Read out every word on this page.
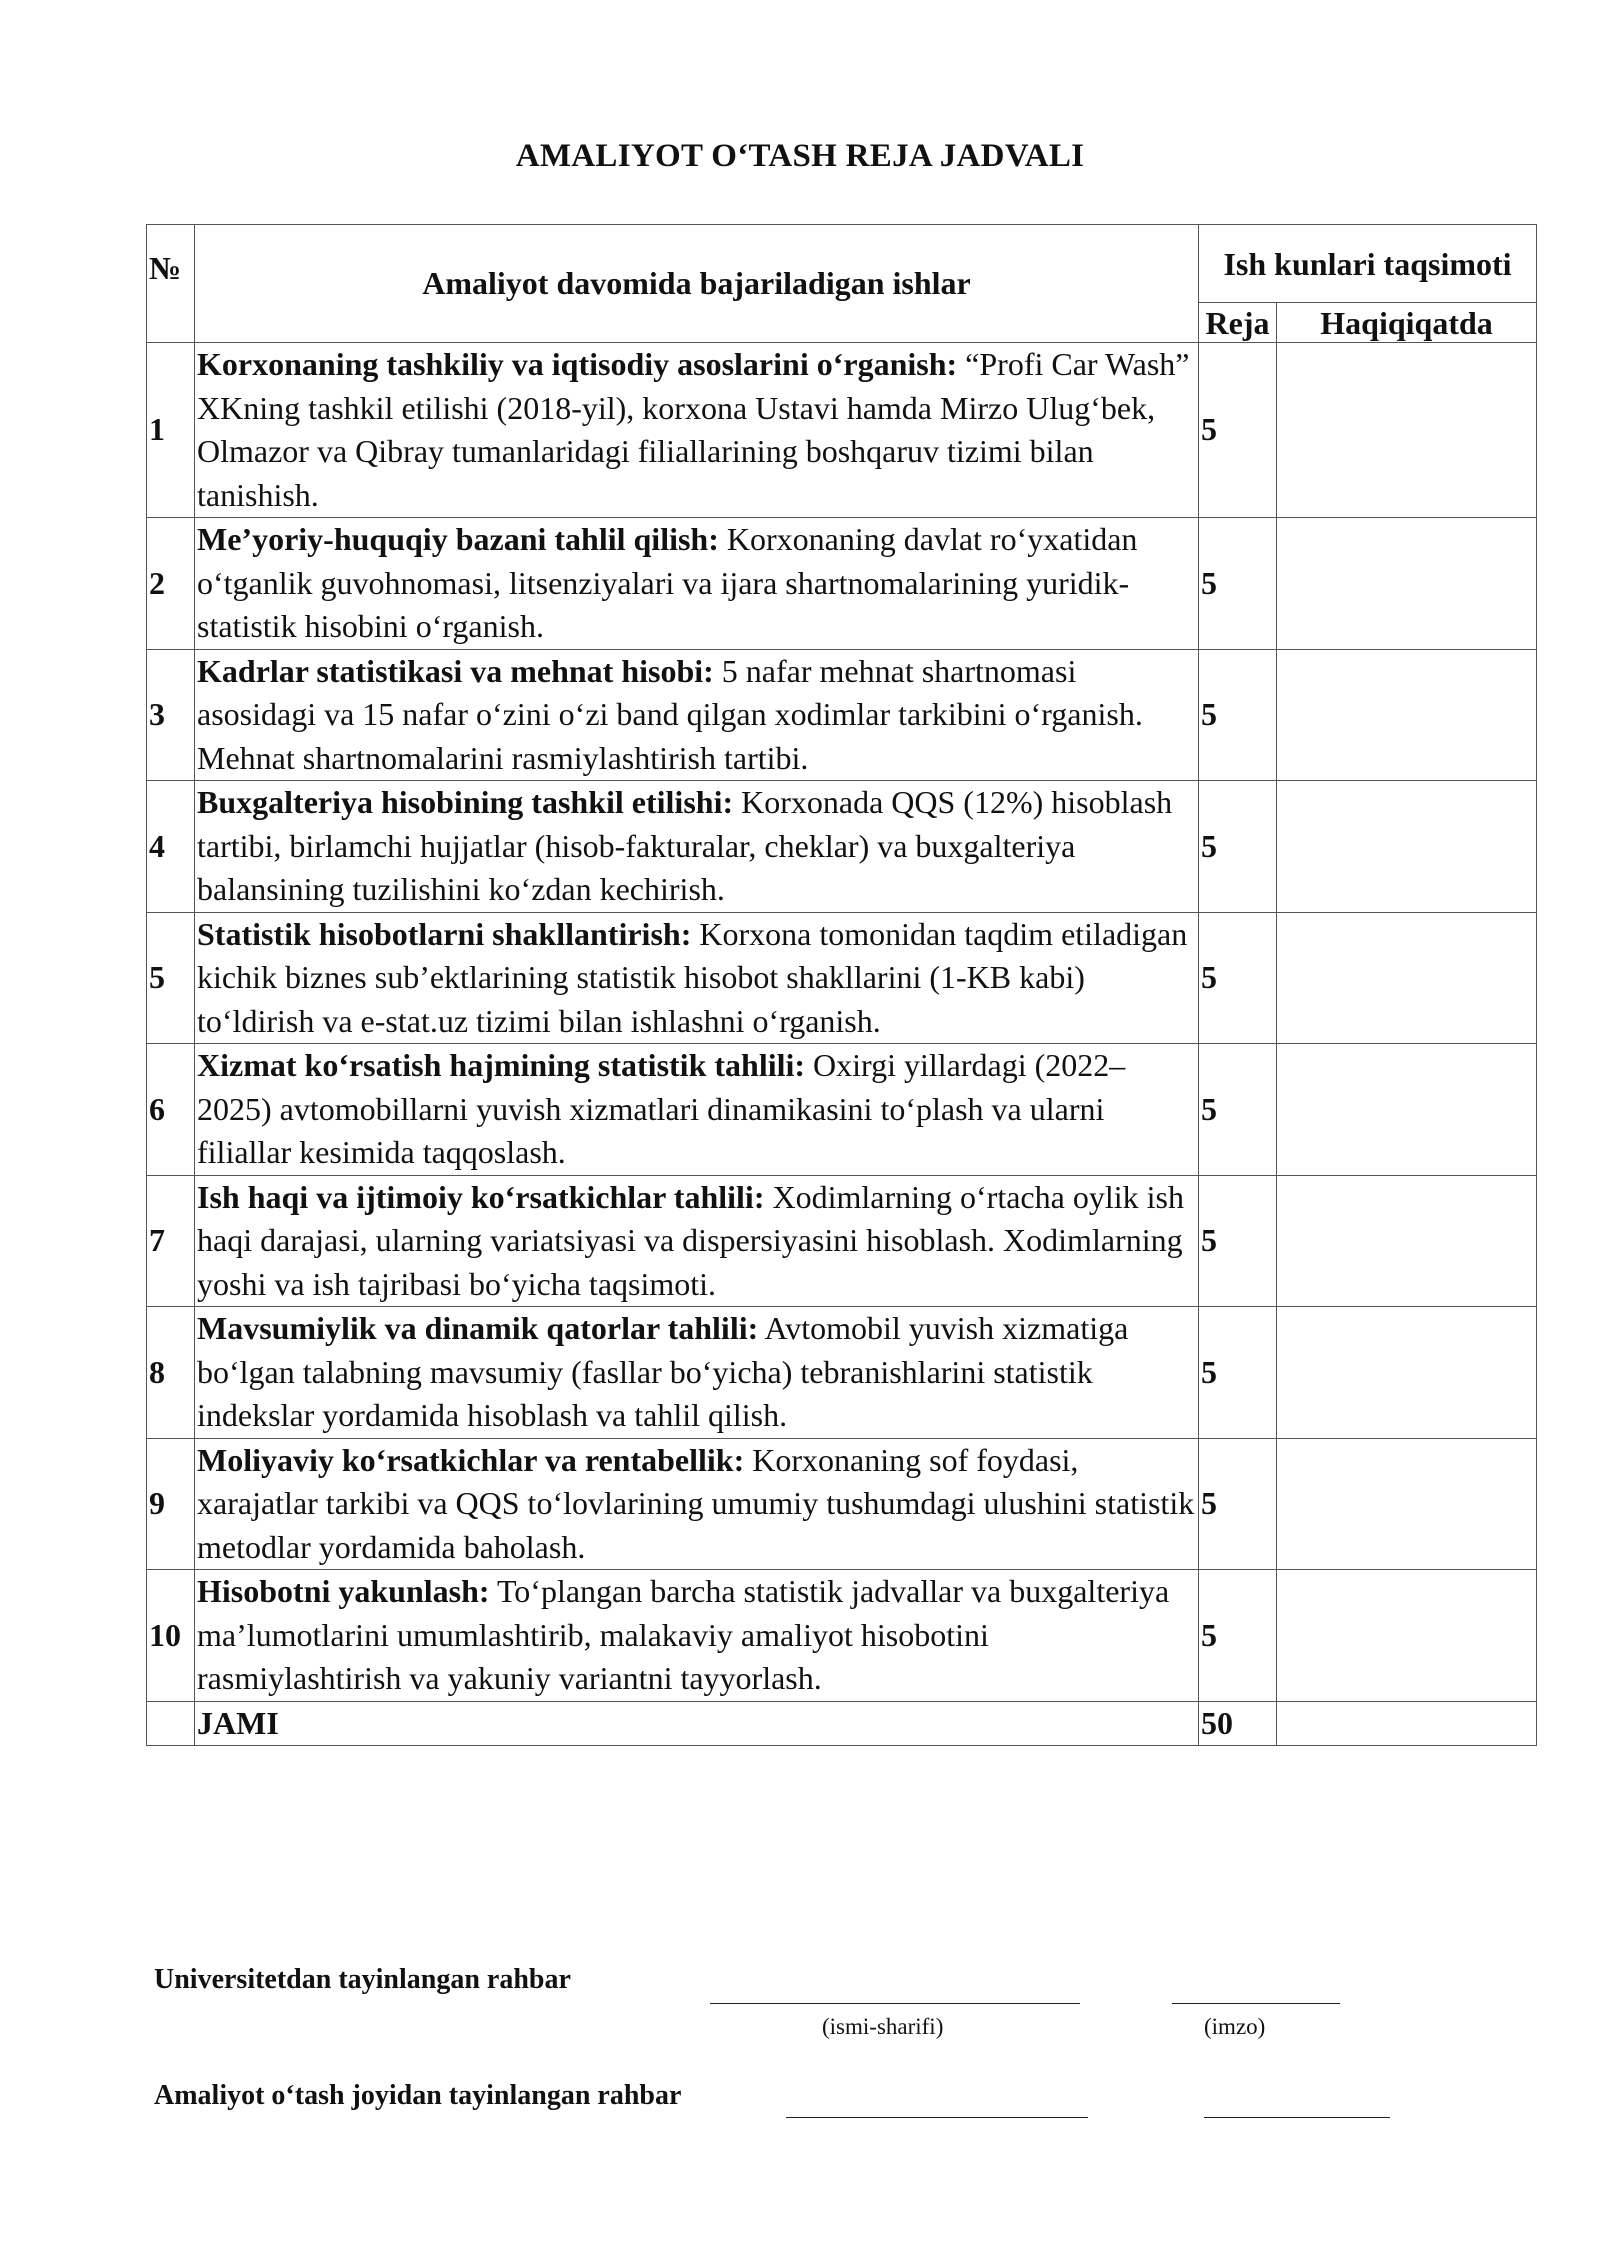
AMALIYOT O‘TASH REJA JADVALI
№	Amaliyot davomida bajariladigan ishlar	Ish kunlari taqsimoti	
		Reja	Haqiqiqatda
1	Korxonaning tashkiliy va iqtisodiy asoslarini o‘rganish: “Profi Car Wash” XKning tashkil etilishi (2018-yil), korxona Ustavi hamda Mirzo Ulug‘bek, Olmazor va Qibray tumanlaridagi filiallarining boshqaruv tizimi bilan tanishish.	5	
2	Me’yoriy-huquqiy bazani tahlil qilish: Korxonaning davlat ro‘yxatidan o‘tganlik guvohnomasi, litsenziyalari va ijara shartnomalarining yuridik-statistik hisobini o‘rganish.	5	
3	Kadrlar statistikasi va mehnat hisobi: 5 nafar mehnat shartnomasi asosidagi va 15 nafar o‘zini o‘zi band qilgan xodimlar tarkibini o‘rganish. Mehnat shartnomalarini rasmiylashtirish tartibi.	5	
4	Buxgalteriya hisobining tashkil etilishi: Korxonada QQS (12%) hisoblash tartibi, birlamchi hujjatlar (hisob-fakturalar, cheklar) va buxgalteriya balansining tuzilishini ko‘zdan kechirish.	5	
5	Statistik hisobotlarni shakllantirish: Korxona tomonidan taqdim etiladigan kichik biznes sub’ektlarining statistik hisobot shakllarini (1-KB kabi) to‘ldirish va e-stat.uz tizimi bilan ishlashni o‘rganish.	5	
6	Xizmat ko‘rsatish hajmining statistik tahlili: Oxirgi yillardagi (2022–2025) avtomobillarni yuvish xizmatlari dinamikasini to‘plash va ularni filiallar kesimida taqqoslash.	5	
7	Ish haqi va ijtimoiy ko‘rsatkichlar tahlili: Xodimlarning o‘rtacha oylik ish haqi darajasi, ularning variatsiyasi va dispersiyasini hisoblash. Xodimlarning yoshi va ish tajribasi bo‘yicha taqsimoti.	5	
8	Mavsumiylik va dinamik qatorlar tahlili: Avtomobil yuvish xizmatiga bo‘lgan talabning mavsumiy (fasllar bo‘yicha) tebranishlarini statistik indekslar yordamida hisoblash va tahlil qilish.	5	
9	Moliyaviy ko‘rsatkichlar va rentabellik: Korxonaning sof foydasi, xarajatlar tarkibi va QQS to‘lovlarining umumiy tushumdagi ulushini statistik metodlar yordamida baholash.	5	
10	Hisobotni yakunlash: To‘plangan barcha statistik jadvallar va buxgalteriya ma’lumotlarini umumlashtirib, malakaviy amaliyot hisobotini rasmiylashtirish va yakuniy variantni tayyorlash.	5	
	JAMI	50	
Universitetdan tayinlangan rahbar
(ismi-sharifi)	(imzo)
Amaliyot o‘tash joyidan tayinlangan rahbar
